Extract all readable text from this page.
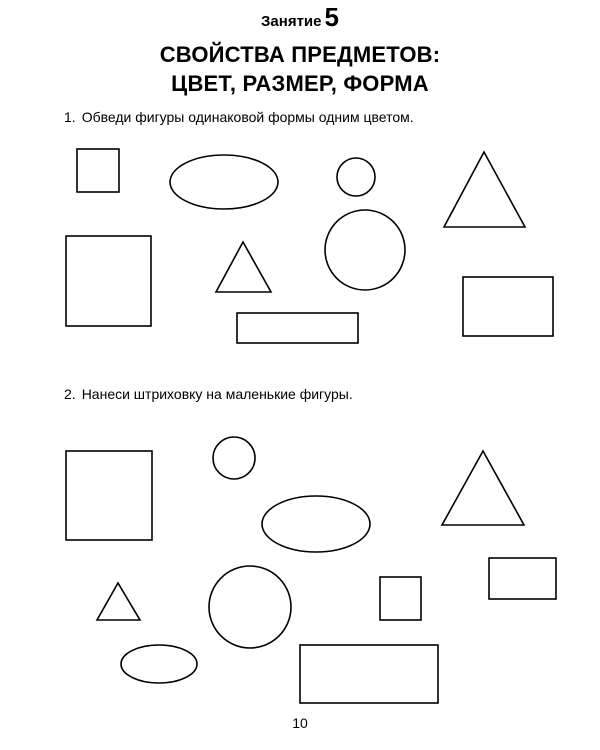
Занятие 5
СВОЙСТВА ПРЕДМЕТОВ:
ЦВЕТ, РАЗМЕР, ФОРМА
1. Обведи фигуры одинаковой формы одним цветом.
2. Нанеси штриховку на маленькие фигуры.
10
